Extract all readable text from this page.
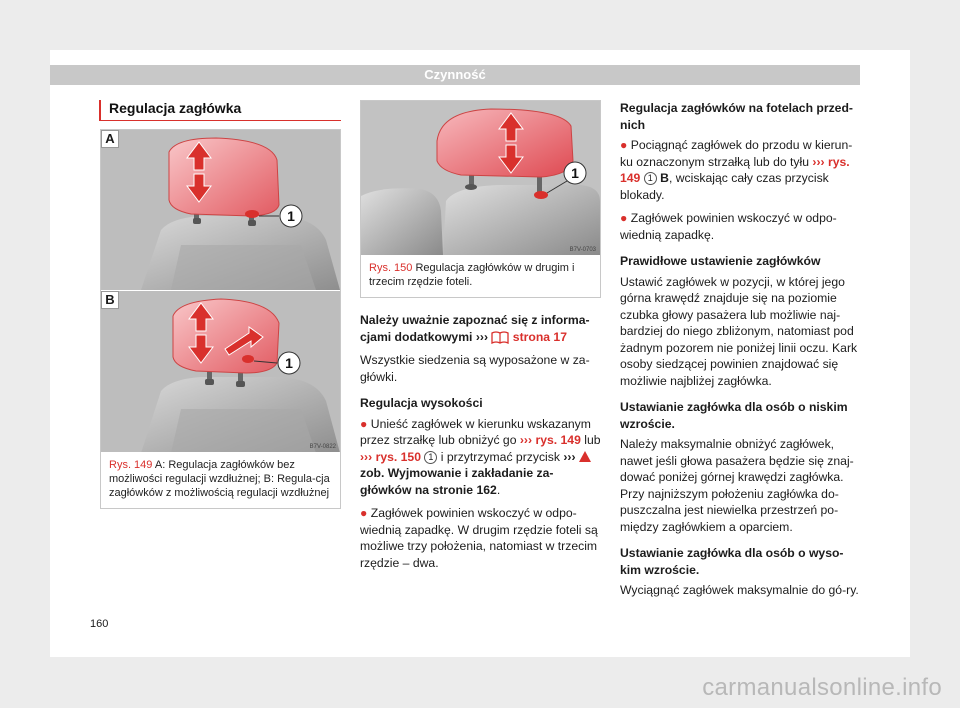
Czynność
Regulacja zagłówka
1
A
1
B
B7V-0822
Rys. 149 A: Regulacja zagłówków bez możliwości regulacji wzdłużnej; B: Regula-cja zagłówków z możliwością regulacji wzdłużnej
1
B7V-0703
Rys. 150 Regulacja zagłówków w drugim i trzecim rzędzie foteli.

Należy uważnie zapoznać się z informa-cjami dodatkowymi ››› strona 17

Wszystkie siedzenia są wyposażone w za-główki.

Regulacja wysokości

● Unieść zagłówek w kierunku wskazanym przez strzałkę lub obniżyć go ››› rys. 149 lub ››› rys. 150 1 i przytrzymać przycisk ›››  zob. Wyjmowanie i zakładanie za-główków na stronie 162.

● Zagłówek powinien wskoczyć w odpo-wiednią zapadkę. W drugim rzędzie foteli są możliwe trzy położenia, natomiast w trzecim rzędzie – dwa.

Regulacja zagłówków na fotelach przed-nich

● Pociągnąć zagłówek do przodu w kierun-ku oznaczonym strzałką lub do tyłu ››› rys. 149 1 B, wciskając cały czas przycisk blokady.

● Zagłówek powinien wskoczyć w odpo-wiednią zapadkę.

Prawidłowe ustawienie zagłówków

Ustawić zagłówek w pozycji, w której jego górna krawędź znajduje się na poziomie czubka głowy pasażera lub możliwie naj-bardziej do niego zbliżonym, natomiast pod żadnym pozorem nie poniżej linii oczu. Kark osoby siedzącej powinien znajdować się możliwie najbliżej zagłówka.

Ustawianie zagłówka dla osób o niskim wzroście.

Należy maksymalnie obniżyć zagłówek, nawet jeśli głowa pasażera będzie się znaj-dować poniżej górnej krawędzi zagłówka. Przy najniższym położeniu zagłówka do-puszczalna jest niewielka przestrzeń po-między zagłówkiem a oparciem.

Ustawianie zagłówka dla osób o wyso-kim wzroście.

Wyciągnąć zagłówek maksymalnie do gó-ry.

160
carmanualsonline.info
